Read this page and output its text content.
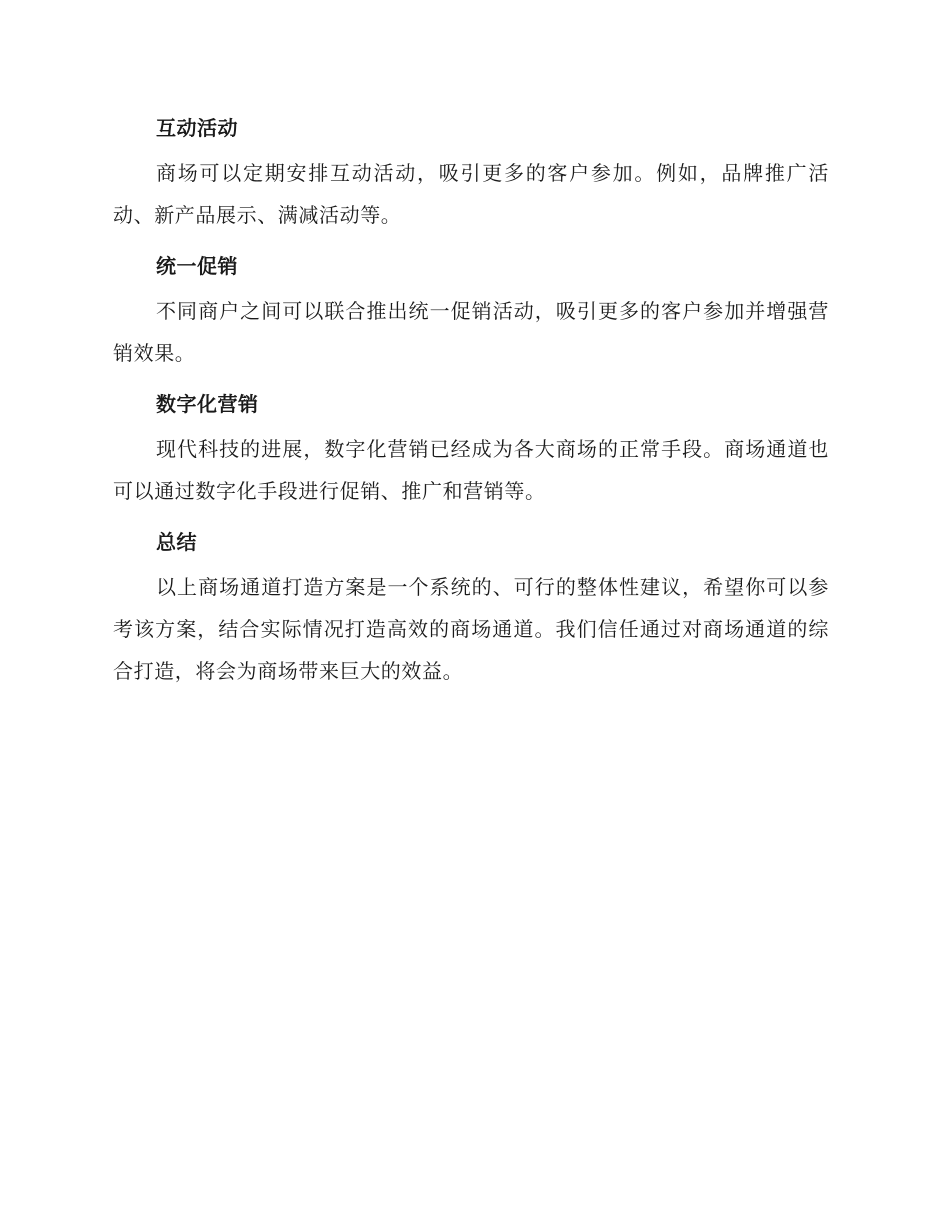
互动活动

商场可以定期安排互动活动，吸引更多的客户参加。例如，品牌推广活动、新产品展示、满减活动等。

统一促销

不同商户之间可以联合推出统一促销活动，吸引更多的客户参加并增强营销效果。

数字化营销

现代科技的进展，数字化营销已经成为各大商场的正常手段。商场通道也可以通过数字化手段进行促销、推广和营销等。

总结

以上商场通道打造方案是一个系统的、可行的整体性建议，希望你可以参考该方案，结合实际情况打造高效的商场通道。我们信任通过对商场通道的综合打造，将会为商场带来巨大的效益。
